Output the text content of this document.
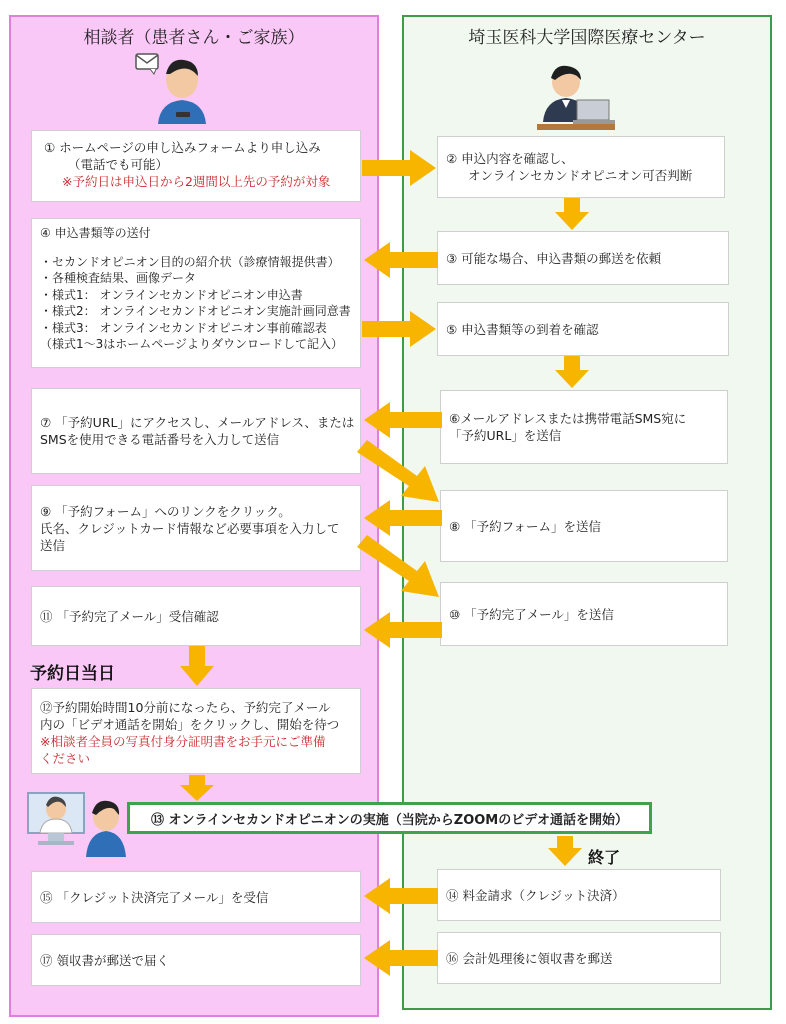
相談者（患者さん・ご家族）	埼玉医科大学国際医療センター
① ホームページの申し込みフォームより申し込み
（電話でも可能）
※予約日は申込日から2週間以上先の予約が対象
④ 申込書類等の送付
・セカンドオピニオン目的の紹介状（診療情報提供書）
・各種検査結果、画像データ
・様式1： オンラインセカンドオピニオン申込書
・様式2： オンラインセカンドオピニオン実施計画同意書
・様式3： オンラインセカンドオピニオン事前確認表
（様式1～3はホームページよりダウンロードして記入）
⑦ 「予約URL」にアクセスし、メールアドレス、または
SMSを使用できる電話番号を入力して送信
⑨ 「予約フォーム」へのリンクをクリック。
氏名、クレジットカード情報など必要事項を入力して
送信
⑪ 「予約完了メール」受信確認
⑫予約開始時間10分前になったら、予約完了メール
内の「ビデオ通話を開始」をクリックし、開始を待つ
※相談者全員の写真付身分証明書をお手元にご準備
ください
⑮ 「クレジット決済完了メール」を受信
⑰ 領収書が郵送で届く
② 申込内容を確認し、
オンラインセカンドオピニオン可否判断
③ 可能な場合、申込書類の郵送を依頼
⑤ 申込書類等の到着を確認
⑥メールアドレスまたは携帯電話SMS宛に
「予約URL」を送信
⑧ 「予約フォーム」を送信
⑩ 「予約完了メール」を送信
⑭ 料金請求（クレジット決済）
⑯ 会計処理後に領収書を郵送
⑬ オンラインセカンドオピニオンの実施（当院からZOOMのビデオ通話を開始）
予約日当日
終了
